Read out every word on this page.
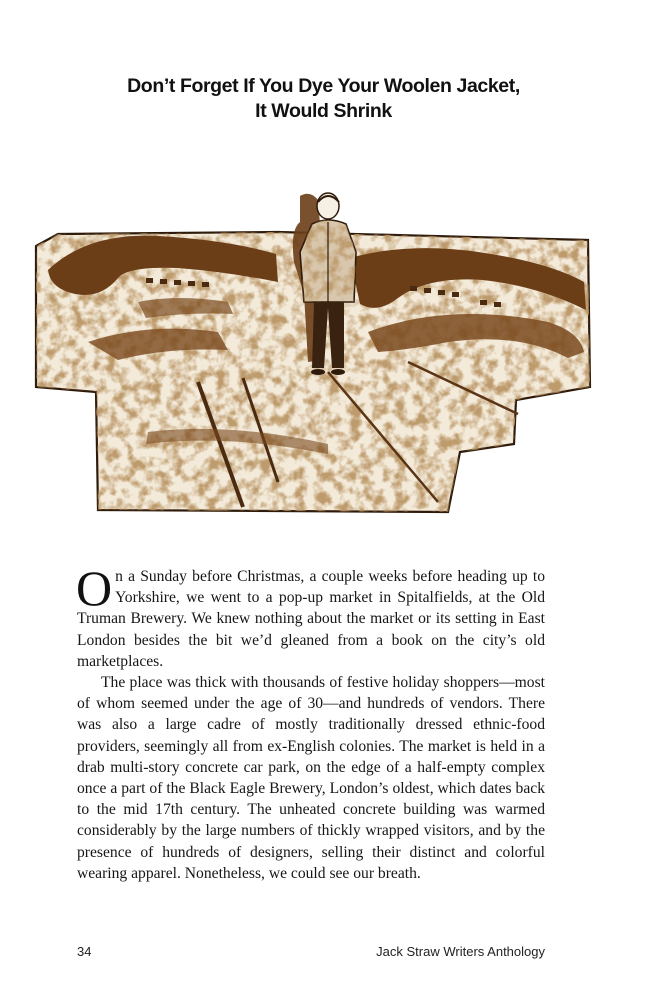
Don’t Forget If You Dye Your Woolen Jacket,
It Would Shrink

On a Sunday before Christmas, a couple weeks before heading up to Yorkshire, we went to a pop-up market in Spitalfields, at the Old Truman Brewery. We knew nothing about the market or its setting in East London besides the bit we’d gleaned from a book on the city’s old marketplaces.

The place was thick with thousands of festive holiday shoppers—most of whom seemed under the age of 30—and hundreds of vendors. There was also a large cadre of mostly traditionally dressed ethnic-food providers, seemingly all from ex-English colonies. The market is held in a drab multi-story concrete car park, on the edge of a half-empty complex once a part of the Black Eagle Brewery, London’s oldest, which dates back to the mid 17th century. The unheated concrete building was warmed considerably by the large numbers of thickly wrapped visitors, and by the presence of hundreds of designers, selling their distinct and colorful wearing apparel. Nonetheless, we could see our breath.

34	Jack Straw Writers Anthology
